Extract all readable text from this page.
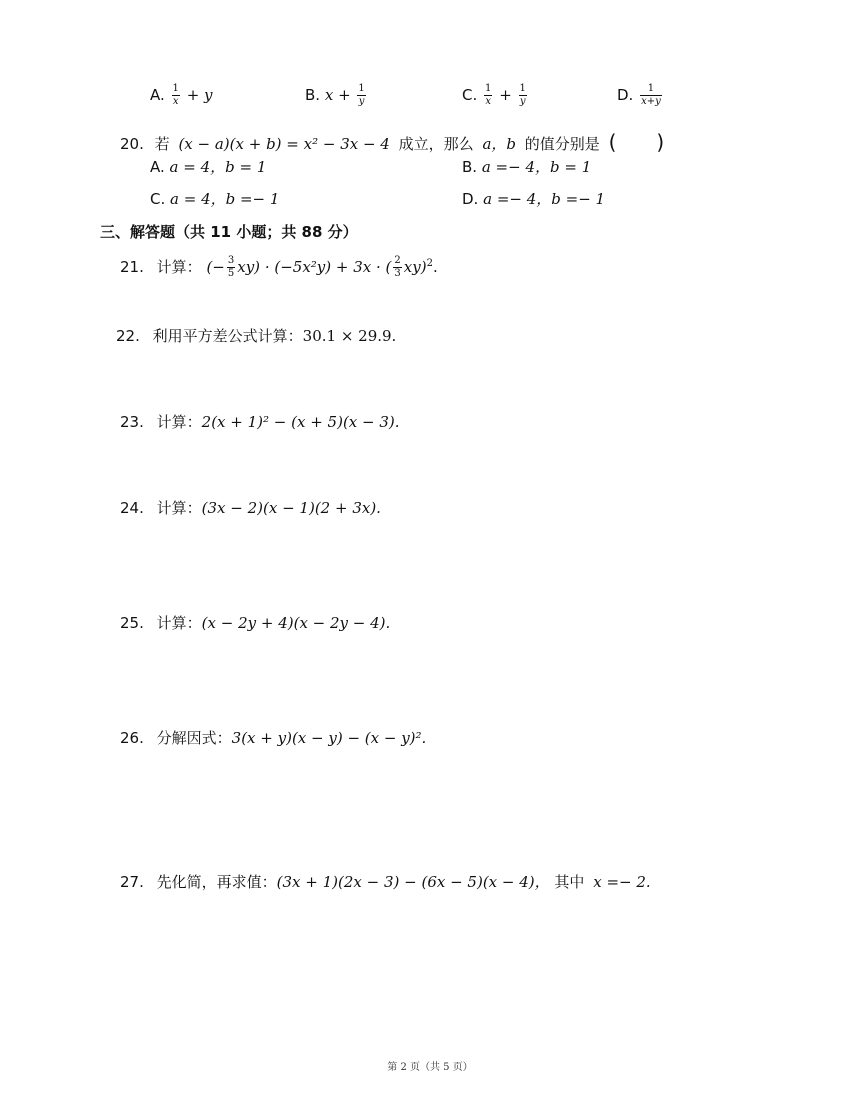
A. $\frac{1}{x} + y$	B. $x + \frac{1}{y}$	C. $\frac{1}{x} + \frac{1}{y}$	D. $\frac{1}{x+y}$
20. 若 (x − a)(x + b) = x² − 3x − 4 成立，那么 a，b 的值分别是 (　　)
A. a = 4，b = 1	B. a =− 4，b = 1
C. a = 4，b =− 1	D. a =− 4，b =− 1
三、解答题（共 11 小题；共 88 分）
21. 计算： (− $\frac{3}{5} xy) \cdot (-5x^2y) + 3x$ · ( $\frac{2}{3} xy)^2$.
22. 利用平方差公式计算：30.1 × 29.9.
23. 计算：2(x + 1)² − (x + 5)(x − 3).
24. 计算：(3x − 2)(x − 1)(2 + 3x).
25. 计算：(x − 2y + 4)(x − 2y − 4).
26. 分解因式：3(x + y)(x − y) − (x − y)².
27. 先化简，再求值：(3x + 1)(2x − 3) − (6x − 5)(x − 4)， 其中 x =− 2.
第 2 页（共 5 页）
